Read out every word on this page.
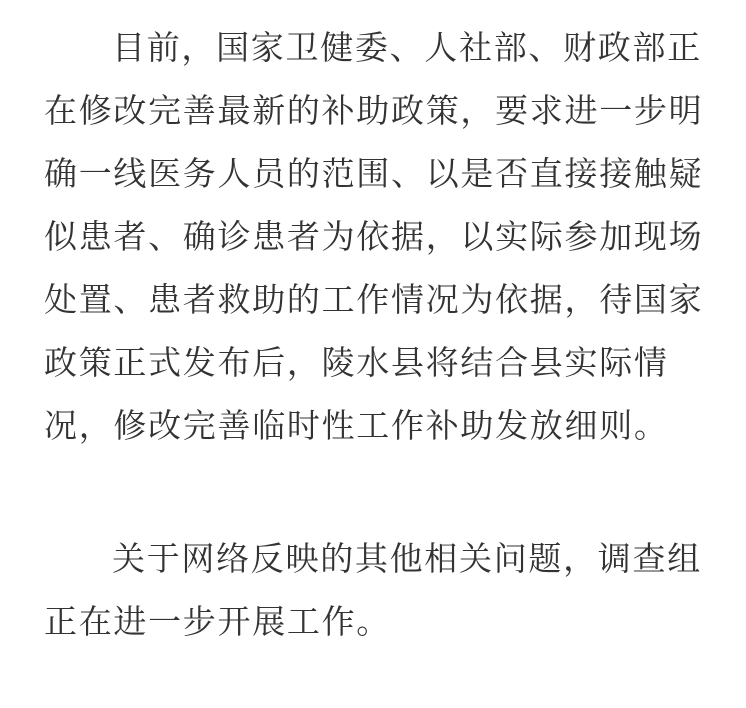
目前，国家卫健委、人社部、财政部正
在修改完善最新的补助政策，要求进一步明
确一线医务人员的范围、以是否直接接触疑
似患者、确诊患者为依据，以实际参加现场
处置、患者救助的工作情况为依据，待国家
政策正式发布后，陵水县将结合县实际情
况，修改完善临时性工作补助发放细则。

关于网络反映的其他相关问题，调查组
正在进一步开展工作。
